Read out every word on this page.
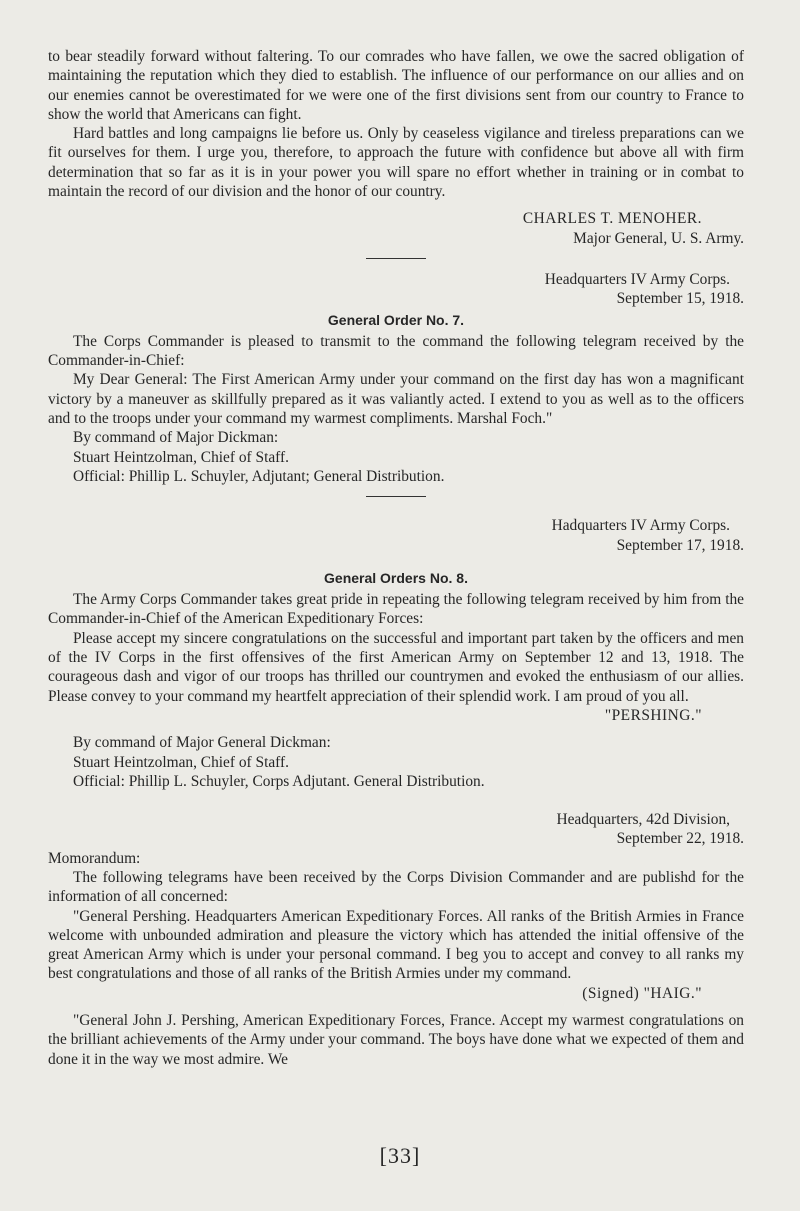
to bear steadily forward without faltering. To our comrades who have fallen, we owe the sacred obligation of maintaining the reputation which they died to establish. The influence of our performance on our allies and on our enemies cannot be overestimated for we were one of the first divisions sent from our country to France to show the world that Americans can fight.

Hard battles and long campaigns lie before us. Only by ceaseless vigilance and tireless preparations can we fit ourselves for them. I urge you, therefore, to approach the future with confidence but above all with firm determination that so far as it is in your power you will spare no effort whether in training or in combat to maintain the record of our division and the honor of our country.

CHARLES T. MENOHER.

Major General, U. S. Army.

Headquarters IV Army Corps.

September 15, 1918.

General Order No. 7.

The Corps Commander is pleased to transmit to the command the following telegram received by the Commander-in-Chief:

My Dear General: The First American Army under your command on the first day has won a magnificant victory by a maneuver as skillfully prepared as it was valiantly acted. I extend to you as well as to the officers and to the troops under your command my warmest compliments. Marshal Foch."

By command of Major Dickman:

Stuart Heintzolman, Chief of Staff.

Official: Phillip L. Schuyler, Adjutant; General Distribution.

Hadquarters IV Army Corps.

September 17, 1918.

General Orders No. 8.

The Army Corps Commander takes great pride in repeating the following telegram received by him from the Commander-in-Chief of the American Expeditionary Forces:

Please accept my sincere congratulations on the successful and important part taken by the officers and men of the IV Corps in the first offensives of the first American Army on September 12 and 13, 1918. The courageous dash and vigor of our troops has thrilled our countrymen and evoked the enthusiasm of our allies. Please convey to your command my heartfelt appreciation of their splendid work. I am proud of you all.

"PERSHING."

By command of Major General Dickman:

Stuart Heintzolman, Chief of Staff.

Official: Phillip L. Schuyler, Corps Adjutant. General Distribution.

Headquarters, 42d Division,

September 22, 1918.

Momorandum:

The following telegrams have been received by the Corps Division Commander and are publishd for the information of all concerned:

"General Pershing. Headquarters American Expeditionary Forces. All ranks of the British Armies in France welcome with unbounded admiration and pleasure the victory which has attended the initial offensive of the great American Army which is under your personal command. I beg you to accept and convey to all ranks my best congratulations and those of all ranks of the British Armies under my command.

(Signed) "HAIG."

"General John J. Pershing, American Expeditionary Forces, France. Accept my warmest congratulations on the brilliant achievements of the Army under your command. The boys have done what we expected of them and done it in the way we most admire. We

[33]
